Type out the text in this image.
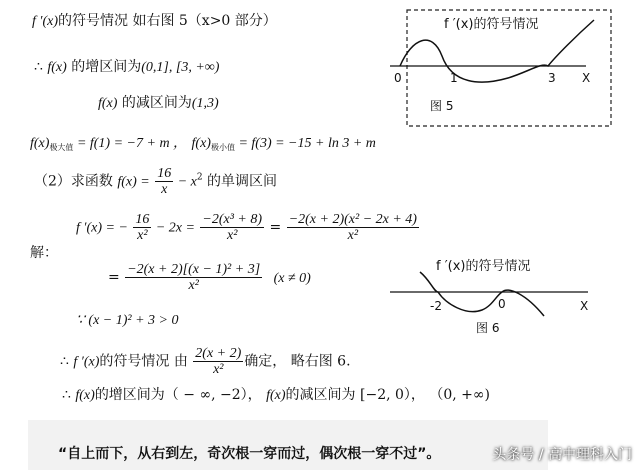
f ′(x)的符号情况 如右图 5（x>0 部分）
∴ f(x) 的增区间为(0,1], [3, +∞)
f(x) 的减区间为(1,3)
$f(x)_{极大值} = f(1) = -7 + m$ ， $f(x)_{极小值} = f(3) = -15 + \ln 3 + m$
（2）求函数 $f(x) = \frac{16}{x} - x^2$ 的单调区间
f ′(x) = − $\frac{16}{\text{x²}} - 2x = \frac{\text{−2(x³ + 8)}}{\text{x²}} = \frac{\text{−2(x + 2)(x² − 2x + 4)}}{\text{x²}}$
解：
= $\frac{\text{−2(x + 2)[(x − 1)² + 3]}}{\text{x²}} (x \ne 0)$
∵ (x − 1)² + 3 > 0
∴ f ′(x)的符号情况 由 $\frac{2(x + 2)}{\text{x²}}$ 确定， 略右图 6.
∴ f(x)的增区间为（ − ∞, −2）， f(x)的减区间为 [−2, 0）， （0, +∞)
f ′(x)的符号情况
0	1	3 X
图 5
f ′(x)的符号情况
-2	0	X
图 6
“自上而下，从右到左，奇次根一穿而过，偶次根一穿不过”。	头条号 / 高中理科入门
